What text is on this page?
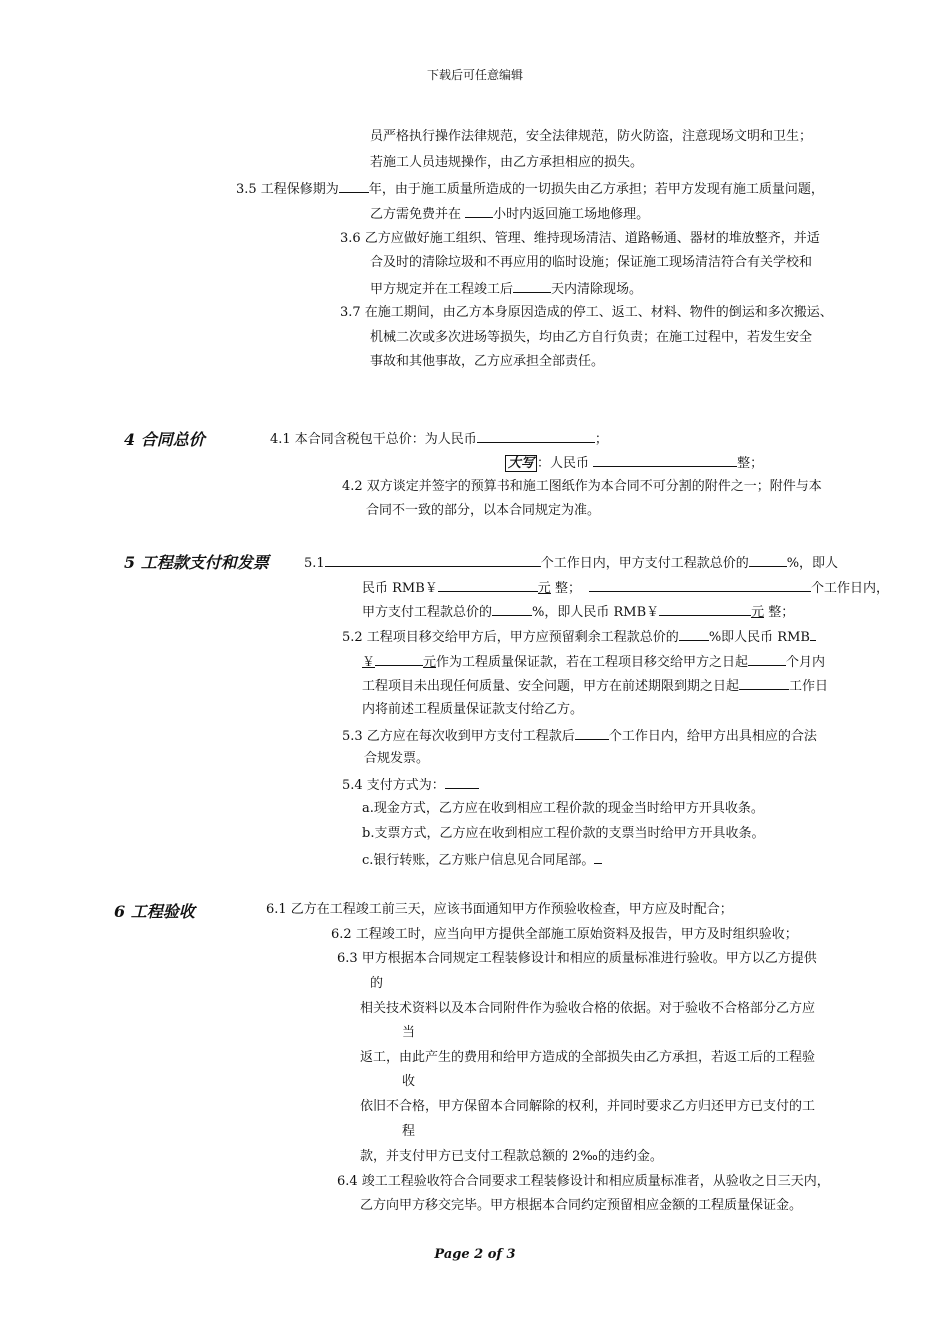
下载后可任意编辑
员严格执行操作法律规范，安全法律规范，防火防盗，注意现场文明和卫生；
若施工人员违规操作，由乙方承担相应的损失。
3.5 工程保修期为 年，由于施工质量所造成的一切损失由乙方承担；若甲方发现有施工质量问题，
乙方需免费并在 小时内返回施工场地修理。
3.6 乙方应做好施工组织、管理、维持现场清洁、道路畅通、器材的堆放整齐，并适
合及时的清除垃圾和不再应用的临时设施；保证施工现场清洁符合有关学校和
甲方规定并在工程竣工后	天内清除现场。
3.7 在施工期间，由乙方本身原因造成的停工、返工、材料、物件的倒运和多次搬运、
机械二次或多次进场等损失，均由乙方自行负责；在施工过程中，若发生安全
事故和其他事故，乙方应承担全部责任。
4 合同总价	4.1 本合同含税包干总价：为人民币	；
大写 ：人民币	整；
4.2 双方谈定并签字的预算书和施工图纸作为本合同不可分割的附件之一；附件与本
合同不一致的部分，以本合同规定为准。
5 工程款支付和发票	5.1	个工作日内，甲方支付工程款总价的	%，即人
民币 RMB￥	元 整；	个工作日内，
甲方支付工程款总价的	%，即人民币 RMB￥	元 整；
5.2 工程项目移交给甲方后，甲方应预留剩余工程款总价的 %即人民币 RMB
￥	元作为工程质量保证款，若在工程项目移交给甲方之日起	个月内
工程项目未出现任何质量、安全问题，甲方在前述期限到期之日起	工作日
内将前述工程质量保证款支付给乙方。
5.3 乙方应在每次收到甲方支付工程款后	个工作日内，给甲方出具相应的合法
合规发票。
5.4 支付方式为：
a.现金方式，乙方应在收到相应工程价款的现金当时给甲方开具收条。
b.支票方式，乙方应在收到相应工程价款的支票当时给甲方开具收条。
c.银行转账，乙方账户信息见合同尾部。
6 工程验收	6.1 乙方在工程竣工前三天，应该书面通知甲方作预验收检查，甲方应及时配合；
6.2 工程竣工时，应当向甲方提供全部施工原始资料及报告，甲方及时组织验收；
6.3 甲方根据本合同规定工程装修设计和相应的质量标准进行验收。甲方以乙方提供
的
相关技术资料以及本合同附件作为验收合格的依据。对于验收不合格部分乙方应
当
返工，由此产生的费用和给甲方造成的全部损失由乙方承担，若返工后的工程验
收
依旧不合格，甲方保留本合同解除的权利，并同时要求乙方归还甲方已支付的工
程
款，并支付甲方已支付工程款总额的 2‰的违约金。
6.4 竣工工程验收符合合同要求工程装修设计和相应质量标准者，从验收之日三天内，
乙方向甲方移交完毕。甲方根据本合同约定预留相应金额的工程质量保证金。
Page 2 of 3
